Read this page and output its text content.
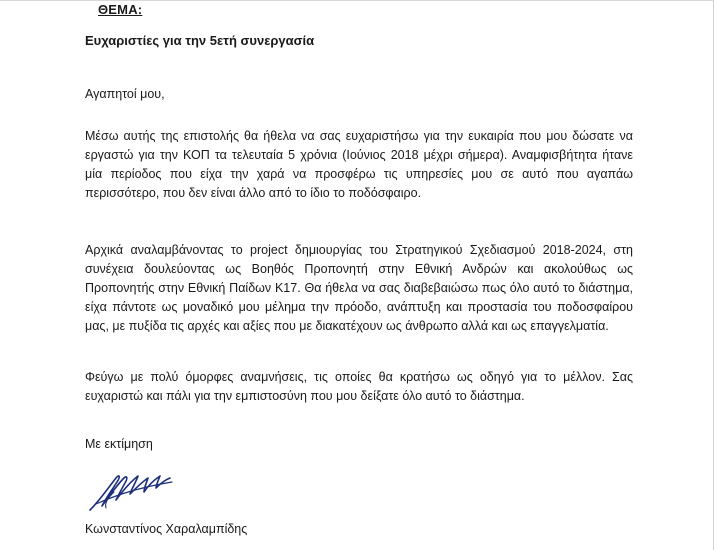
ΘΕΜΑ:
Ευχαριστίες για την 5ετή συνεργασία
Αγαπητοί μου,
Μέσω αυτής της επιστολής θα ήθελα να σας ευχαριστήσω για την ευκαιρία που μου δώσατε να
εργαστώ για την ΚΟΠ τα τελευταία 5 χρόνια (Ιούνιος 2018 μέχρι σήμερα). Αναμφισβήτητα ήτανε
μία περίοδος που είχα την χαρά να προσφέρω τις υπηρεσίες μου σε αυτό που αγαπάω
περισσότερο, που δεν είναι άλλο από το ίδιο το ποδόσφαιρο.
Αρχικά αναλαμβάνοντας το project δημιουργίας του Στρατηγικού Σχεδιασμού 2018-2024, στη
συνέχεια δουλεύοντας ως Βοηθός Προπονητή στην Εθνική Ανδρών και ακολούθως ως
Προπονητής στην Εθνική Παίδων Κ17. Θα ήθελα να σας διαβεβαιώσω πως όλο αυτό το διάστημα,
είχα πάντοτε ως μοναδικό μου μέλημα την πρόοδο, ανάπτυξη και προστασία του ποδοσφαίρου
μας, με πυξίδα τις αρχές και αξίες που με διακατέχουν ως άνθρωπο αλλά και ως επαγγελματία.
Φεύγω με πολύ όμορφες αναμνήσεις, τις οποίες θα κρατήσω ως οδηγό για το μέλλον. Σας
ευχαριστώ και πάλι για την εμπιστοσύνη που μου δείξατε όλο αυτό το διάστημα.
Με εκτίμηση
Κωνσταντίνος Χαραλαμπίδης
